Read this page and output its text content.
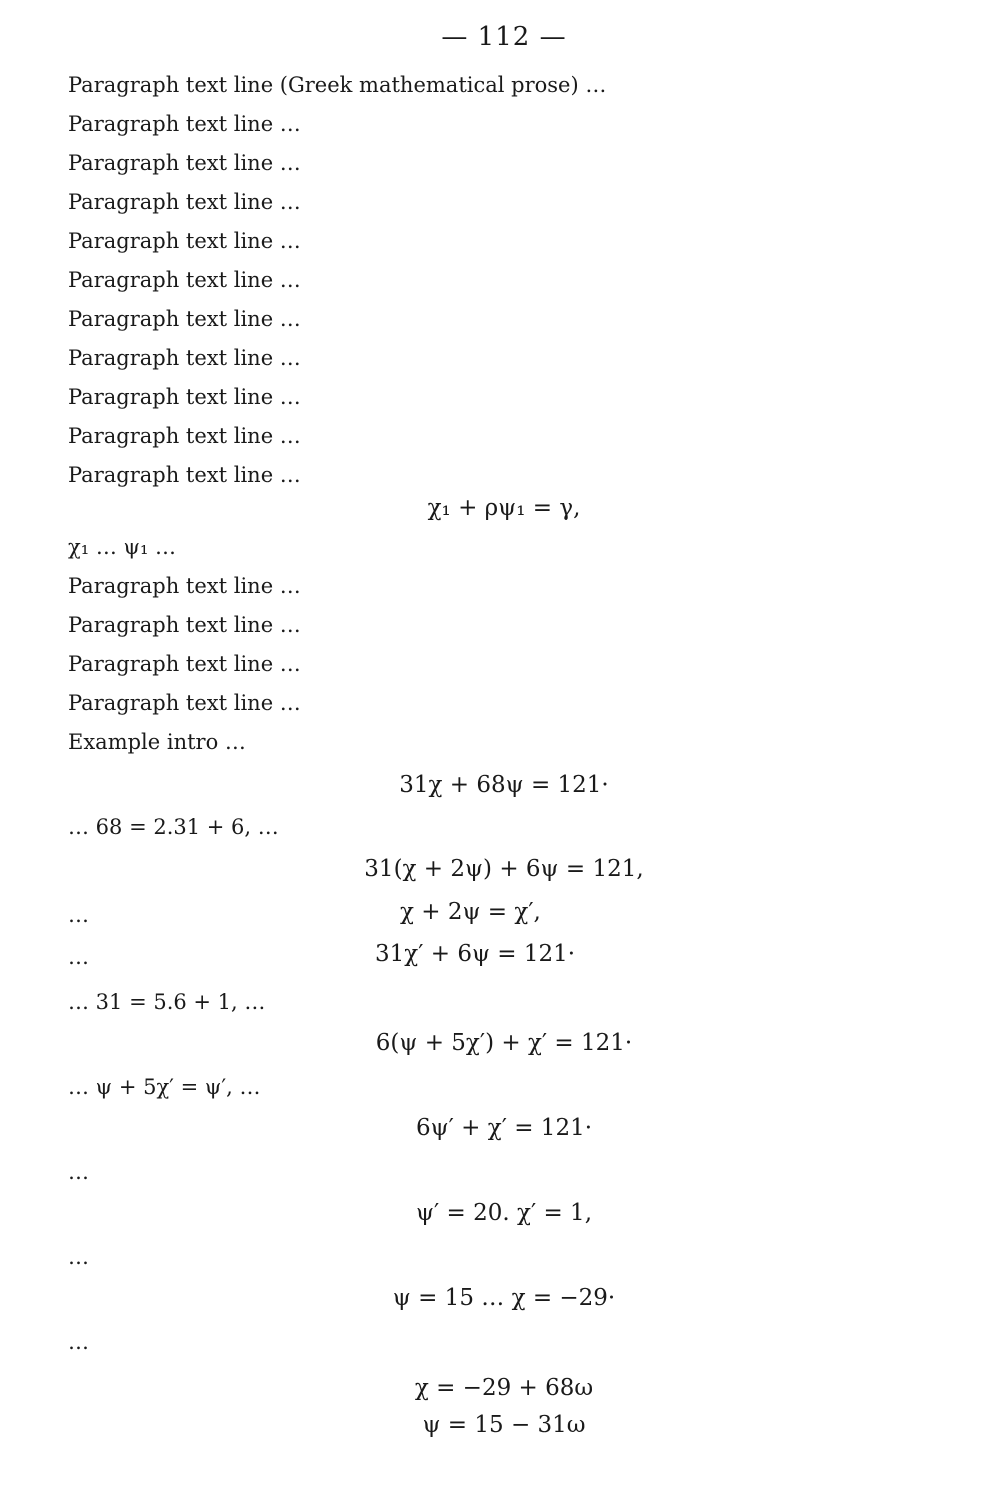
— 112 —
Paragraph text line (Greek mathematical prose) …
Paragraph text line …
Paragraph text line …
Paragraph text line …
Paragraph text line …
Paragraph text line …
Paragraph text line …
Paragraph text line …
Paragraph text line …
Paragraph text line …
Paragraph text line …
χ₁ + ρψ₁ = γ,
χ₁ … ψ₁ …
Paragraph text line …
Paragraph text line …
Paragraph text line …
Paragraph text line …
Example intro …
31χ + 68ψ = 121·
… 68 = 2.31 + 6, …
31(χ + 2ψ) + 6ψ = 121,
…	χ + 2ψ = χ′,
…	31χ′ + 6ψ = 121·
… 31 = 5.6 + 1, …
6(ψ + 5χ′) + χ′ = 121·
… ψ + 5χ′ = ψ′, …
6ψ′ + χ′ = 121·
…
ψ′ = 20. χ′ = 1,
…
ψ = 15 … χ = −29·
…
χ = −29 + 68ω
ψ = 15 − 31ω
